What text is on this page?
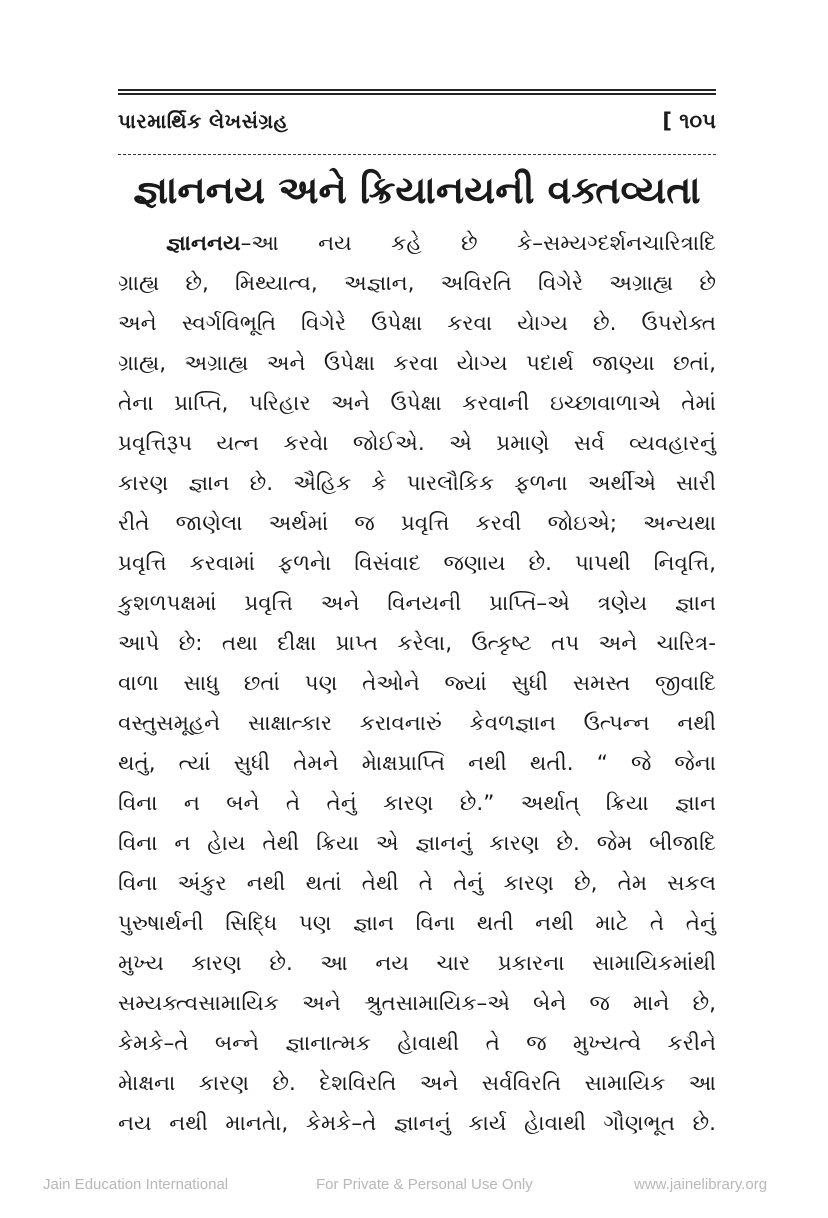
પારમાર્થિક લેખસંગ્રહ	[ ૧૦૫
જ્ઞાનનય અને ક્રિયાનયની વક્તવ્યતા
જ્ઞાનનય–આ નય કહે છે કે–સમ્યગ્દર્શનચારિત્રાદિ
ગ્રાહ્ય છે, મિથ્યાત્વ, અજ્ઞાન, અવિરતિ વિગેરે અગ્રાહ્ય છે
અને સ્વર્ગવિભૂતિ વિગેરે ઉપેક્ષા કરવા યેાગ્ય છે. ઉપરોક્ત
ગ્રાહ્ય, અગ્રાહ્ય અને ઉપેક્ષા કરવા યેાગ્ય પદાર્થ જાણ્યા છતાં,
તેના પ્રાપ્તિ, પરિહાર અને ઉપેક્ષા કરવાની ઇચ્છાવાળાએ તેમાં
પ્રવૃત્તિરૂપ યત્ન કરવેા જોઈએ. એ પ્રમાણે સર્વ વ્યવહારનું
કારણ જ્ઞાન છે. ઐહિક કે પારલૌકિક ફળના અર્થીએ સારી
રીતે જાણેલા અર્થમાં જ પ્રવૃત્તિ કરવી જોઇએ; અન્યથા
પ્રવૃત્તિ કરવામાં ફળનેા વિસંવાદ જણાય છે. પાપથી નિવૃત્તિ,
કુશળપક્ષમાં પ્રવૃત્તિ અને વિનયની પ્રાપ્તિ–એ ત્રણેય જ્ઞાન
આપે છે: તથા દીક્ષા પ્રાપ્ત કરેલા, ઉત્કૃષ્ટ તપ અને ચારિત્ર-
વાળા સાધુ છતાં પણ તેઓને જ્યાં સુધી સમસ્ત જીવાદિ
વસ્તુસમૂહને સાક્ષાત્કાર કરાવનારું કેવળજ્ઞાન ઉત્પન્ન નથી
થતું, ત્યાં સુધી તેમને મેાક્ષપ્રાપ્તિ નથી થતી. “ જે જેના
વિના ન બને તે તેનું કારણ છે.” અર્થાત્ ક્રિયા જ્ઞાન
વિના ન હેાય તેથી ક્રિયા એ જ્ઞાનનું કારણ છે. જેમ બીજાદિ
વિના અંકુર નથી થતાં તેથી તે તેનું કારણ છે, તેમ સકલ
પુરુષાર્થની સિદ્ધિ પણ જ્ઞાન વિના થતી નથી માટે તે તેનું
મુખ્ય કારણ છે. આ નય ચાર પ્રકારના સામાયિકમાંથી
સમ્યક્ત્વસામાયિક અને શ્રુતસામાયિક–એ બેને જ માને છે,
કેમકે–તે બન્ને જ્ઞાનાત્મક હેાવાથી તે જ મુખ્યત્વે કરીને
મેાક્ષના કારણ છે. દેશવિરતિ અને સર્વવિરતિ સામાયિક આ
નય નથી માનતેા, કેમકે–તે જ્ઞાનનું કાર્ય હેાવાથી ગૌણભૂત છે.
Jain Education International	For Private & Personal Use Only	www.jainelibrary.org
